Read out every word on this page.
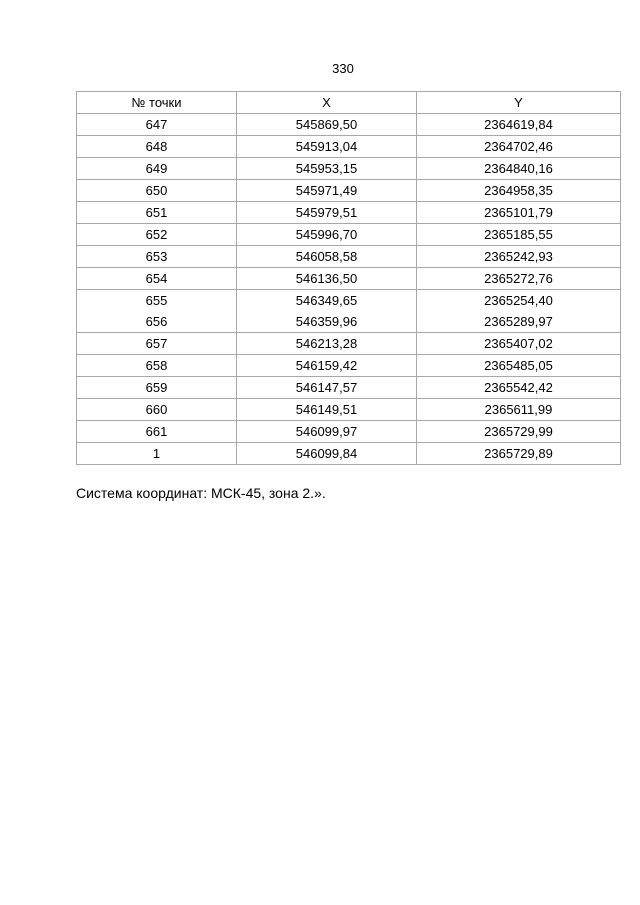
330
№ точки	X	Y
647	545869,50	2364619,84
648	545913,04	2364702,46
649	545953,15	2364840,16
650	545971,49	2364958,35
651	545979,51	2365101,79
652	545996,70	2365185,55
653	546058,58	2365242,93
654	546136,50	2365272,76
655	546349,65	2365254,40
656	546359,96	2365289,97
657	546213,28	2365407,02
658	546159,42	2365485,05
659	546147,57	2365542,42
660	546149,51	2365611,99
661	546099,97	2365729,99
1	546099,84	2365729,89
Система координат: МСК-45, зона 2.».
